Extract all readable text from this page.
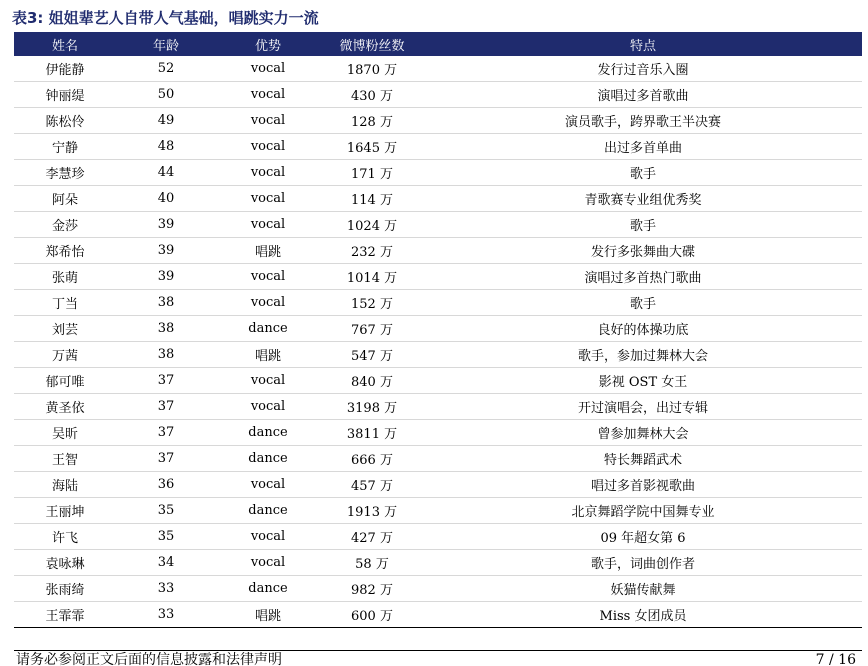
表3: 姐姐辈艺人自带人气基础，唱跳实力一流
姓名	年龄	优势	微博粉丝数	特点
伊能静	52	vocal	1870 万	发行过音乐入圈
钟丽缇	50	vocal	430 万	演唱过多首歌曲
陈松伶	49	vocal	128 万	演员歌手，跨界歌王半决赛
宁静	48	vocal	1645 万	出过多首单曲
李慧珍	44	vocal	171 万	歌手
阿朵	40	vocal	114 万	青歌赛专业组优秀奖
金莎	39	vocal	1024 万	歌手
郑希怡	39	唱跳	232 万	发行多张舞曲大碟
张萌	39	vocal	1014 万	演唱过多首热门歌曲
丁当	38	vocal	152 万	歌手
刘芸	38	dance	767 万	良好的体操功底
万茜	38	唱跳	547 万	歌手，参加过舞林大会
郁可唯	37	vocal	840 万	影视 OST 女王
黄圣依	37	vocal	3198 万	开过演唱会，出过专辑
吴昕	37	dance	3811 万	曾参加舞林大会
王智	37	dance	666 万	特长舞蹈武术
海陆	36	vocal	457 万	唱过多首影视歌曲
王丽坤	35	dance	1913 万	北京舞蹈学院中国舞专业
许飞	35	vocal	427 万	09 年超女第 6
袁咏琳	34	vocal	58 万	歌手，词曲创作者
张雨绮	33	dance	982 万	妖猫传献舞
王霏霏	33	唱跳	600 万	Miss 女团成员
请务必参阅正文后面的信息披露和法律声明	7 / 16
